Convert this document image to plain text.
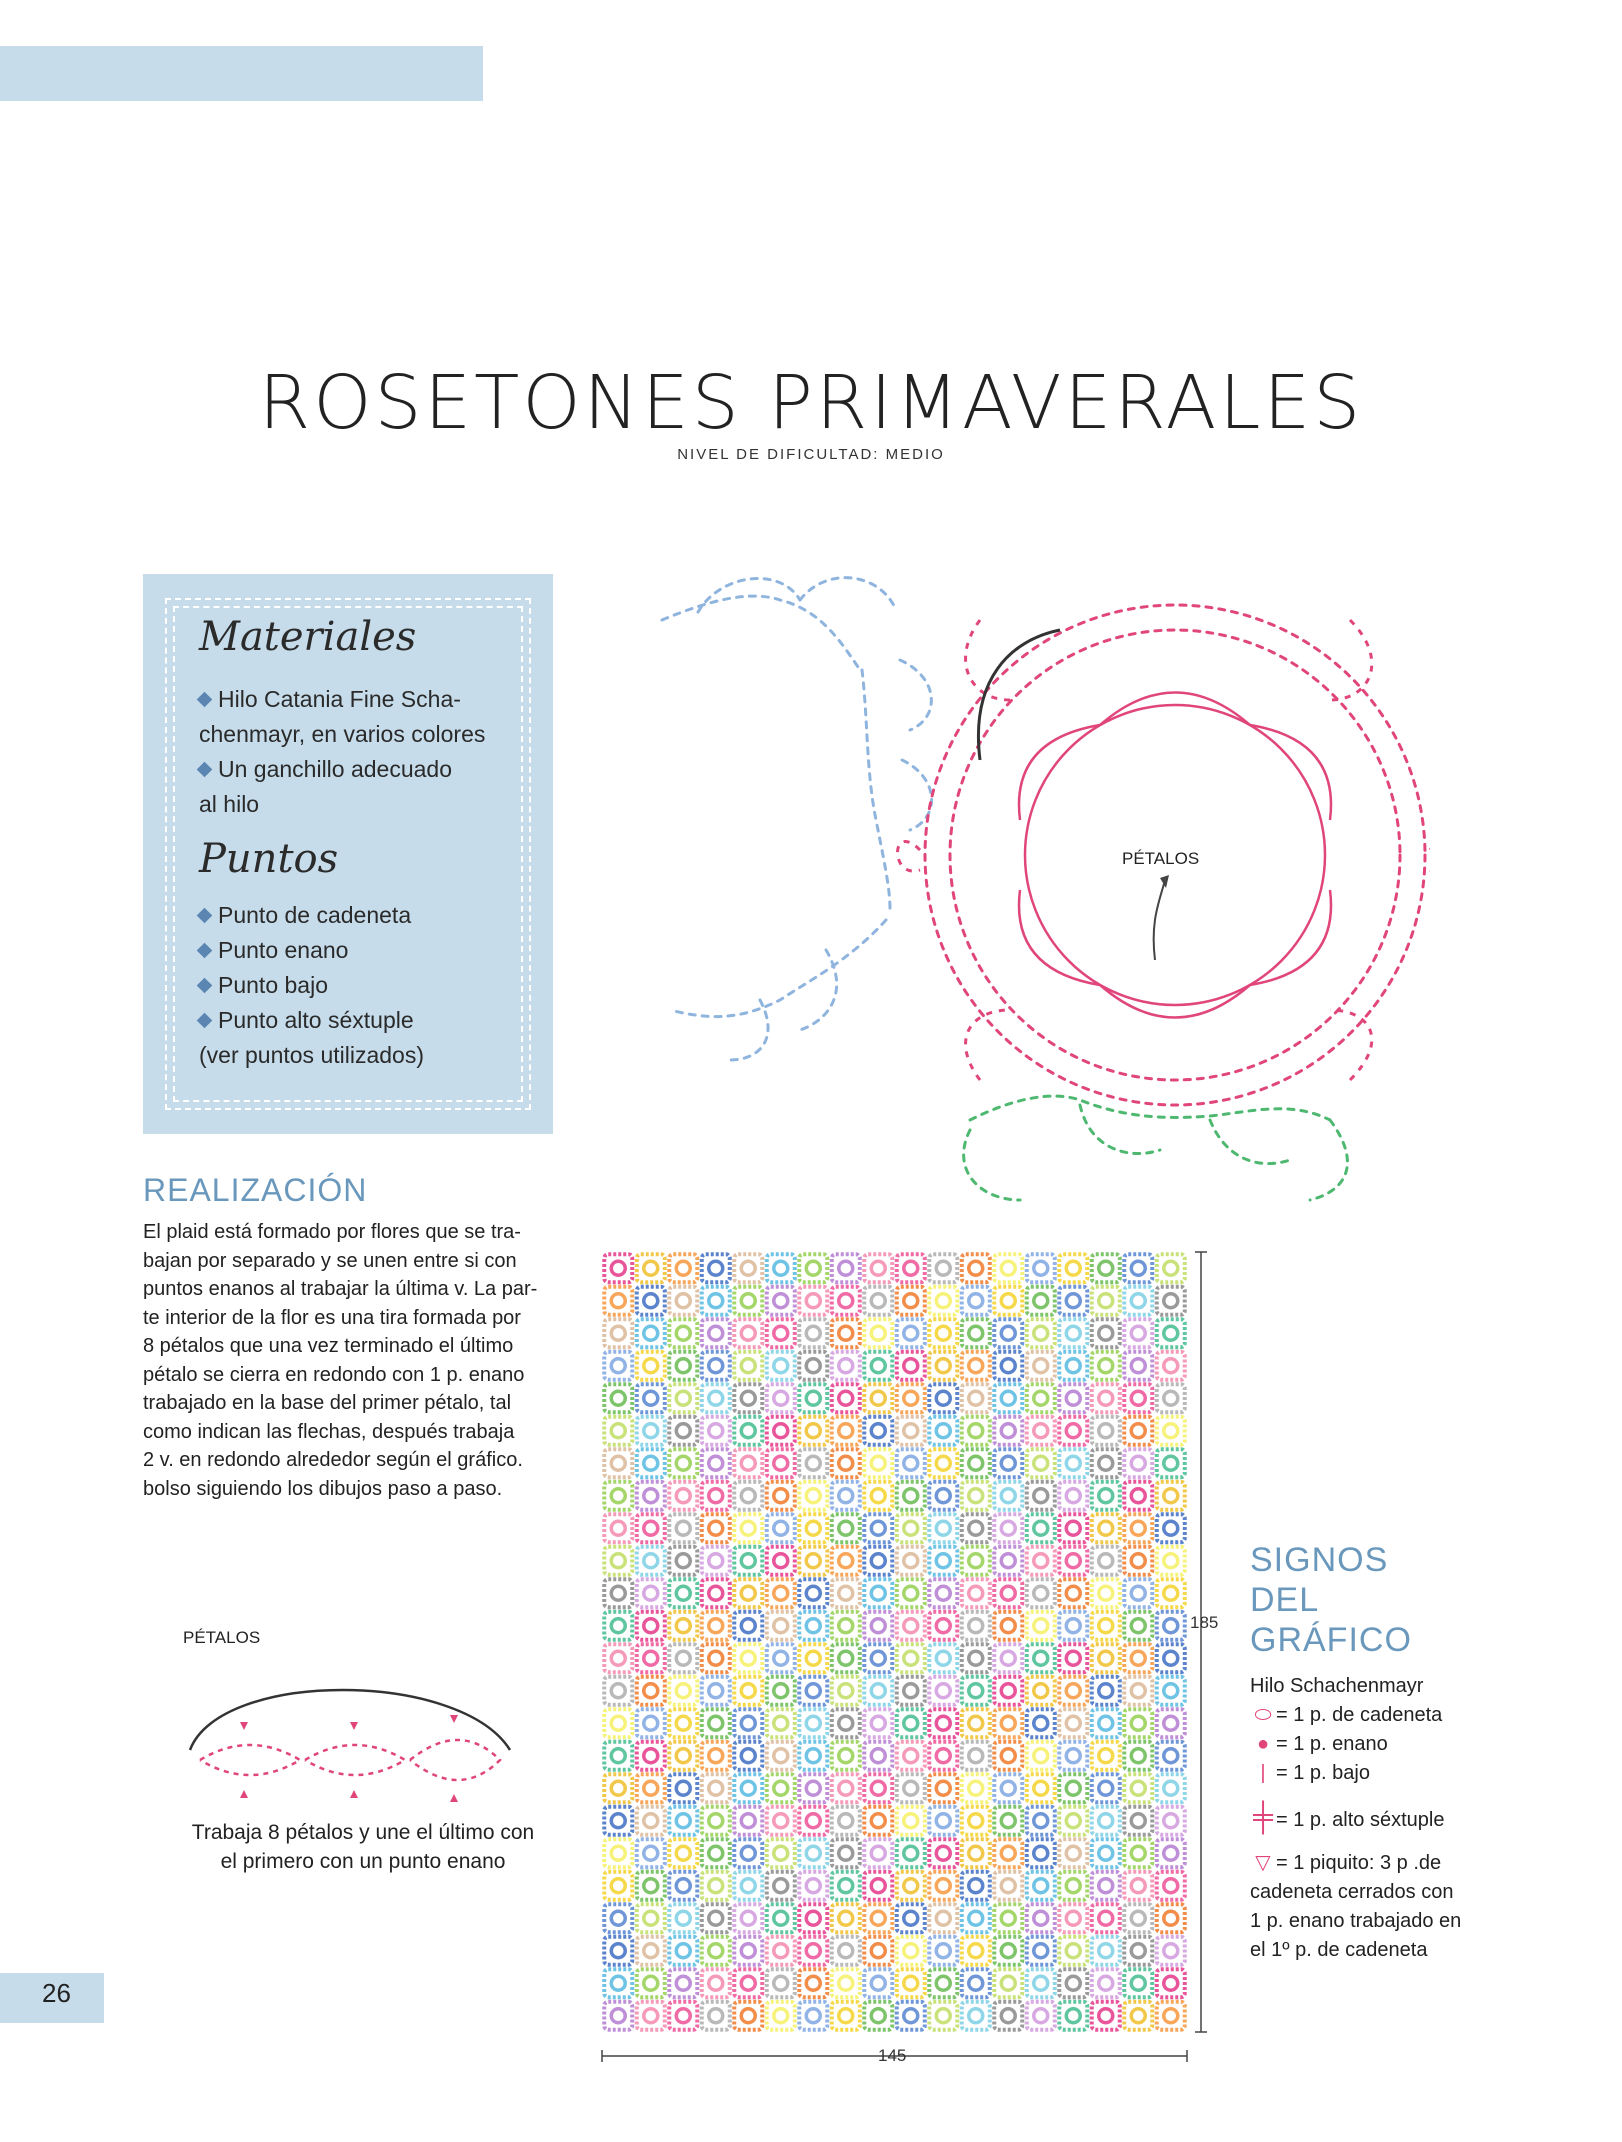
ROSETONES PRIMAVERALES
NIVEL DE DIFICULTAD: MEDIO
Materiales
Hilo Catania Fine Scha-
chenmayr, en varios colores
Un ganchillo adecuado
al hilo
Puntos
Punto de cadeneta
Punto enano
Punto bajo
Punto alto séxtuple
(ver puntos utilizados)
PÉTALOS
REALIZACIÓN
El plaid está formado por flores que se tra-
bajan por separado y se unen entre si con
puntos enanos al trabajar la última v. La par-
te interior de la flor es una tira formada por
8 pétalos que una vez terminado el último
pétalo se cierra en redondo con 1 p. enano
trabajado en la base del primer pétalo, tal
como indican las flechas, después trabaja
2 v. en redondo alrededor según el gráfico.
bolso siguiendo los dibujos paso a paso.
PÉTALOS
Trabaja 8 pétalos y une el último con
el primero con un punto enano
185
145
SIGNOS
DEL
GRÁFICO
Hilo Schachenmayr
⬭ = 1 p. de cadeneta
● = 1 p. enano
| = 1 p. bajo
╪ = 1 p. alto séxtuple
▽ = 1 piquito: 3 p .de
cadeneta cerrados con
1 p. enano trabajado en
el 1º p. de cadeneta
26
